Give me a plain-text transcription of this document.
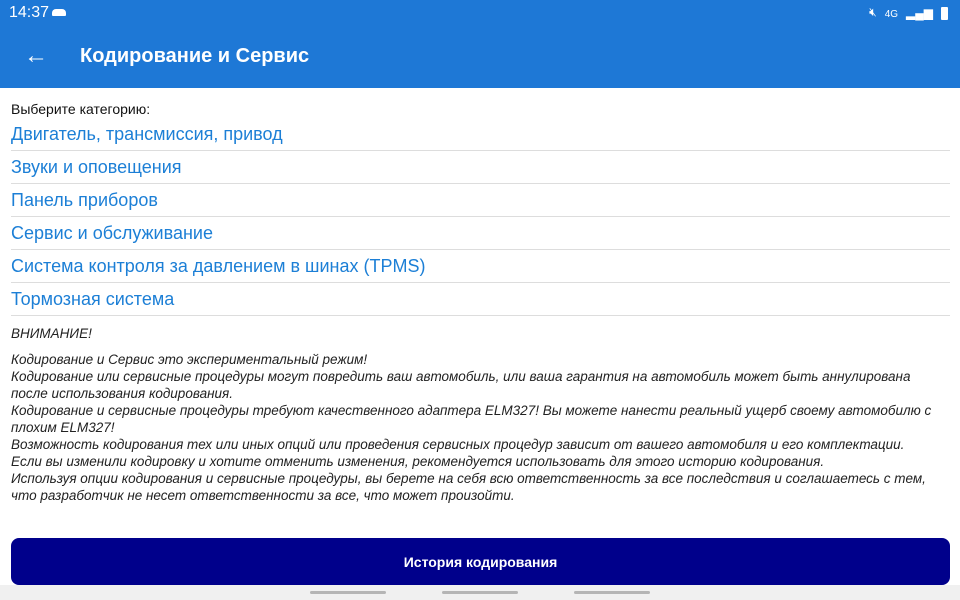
14:37	🔇︎ 4G ▂▄▆
← Кодирование и Сервис
Выберите категорию:
Двигатель, трансмиссия, привод
Звуки и оповещения
Панель приборов
Сервис и обслуживание
Система контроля за давлением в шинах (TPMS)
Тормозная система

ВНИМАНИЕ!

Кодирование и Сервис это экспериментальный режим!

Кодирование или сервисные процедуры могут повредить ваш автомобиль, или ваша гарантия на автомобиль может быть аннулирована после использования кодирования.

Кодирование и сервисные процедуры требуют качественного адаптера ELM327! Вы можете нанести реальный ущерб своему автомобилю с плохим ELM327!

Возможность кодирования тех или иных опций или проведения сервисных процедур зависит от вашего автомобиля и его комплектации.

Если вы изменили кодировку и хотите отменить изменения, рекомендуется использовать для этого историю кодирования.

Используя опции кодирования и сервисные процедуры, вы берете на себя всю ответственность за все последствия и соглашаетесь с тем, что разработчик не несет ответственности за все, что может произойти.

История кодирования
